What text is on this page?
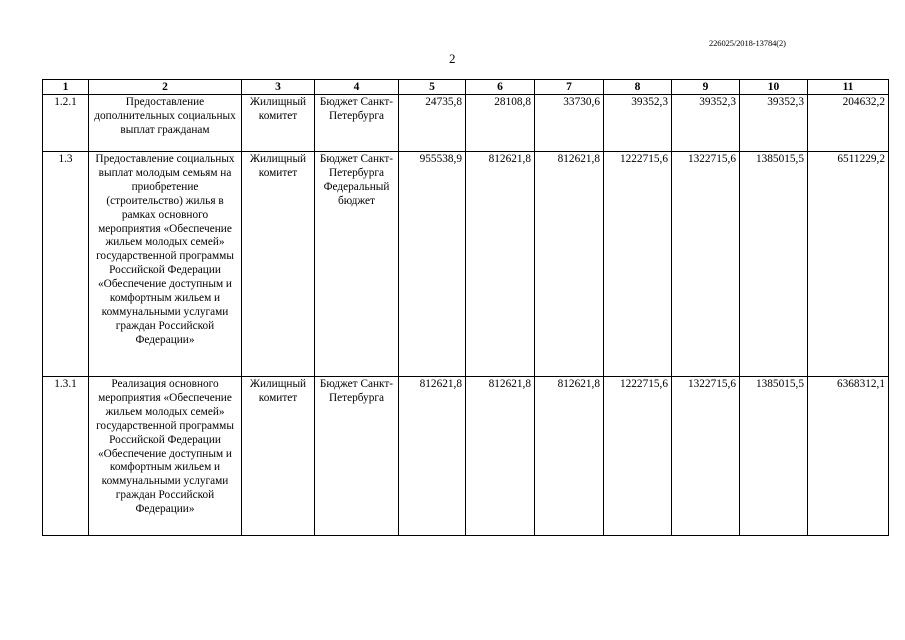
226025/2018-13784(2)
2
1	2	3	4	5	6	7	8	9	10	11
1.2.1	Предоставление дополнительных социальных выплат гражданам	Жилищный комитет	Бюджет Санкт-Петербурга	24735,8	28108,8	33730,6	39352,3	39352,3	39352,3	204632,2
1.3	Предоставление социальных выплат молодым семьям на приобретение (строительство) жилья в рамках основного мероприятия «Обеспечение жильем молодых семей» государственной программы Российской Федерации «Обеспечение доступным и комфортным жильем и коммунальными услугами граждан Российской Федерации»	Жилищный комитет	Бюджет Санкт-Петербурга Федеральный бюджет	955538,9	812621,8	812621,8	1222715,6	1322715,6	1385015,5	6511229,2
1.3.1	Реализация основного мероприятия «Обеспечение жильем молодых семей» государственной программы Российской Федерации «Обеспечение доступным и комфортным жильем и коммунальными услугами граждан Российской Федерации»	Жилищный комитет	Бюджет Санкт-Петербурга	812621,8	812621,8	812621,8	1222715,6	1322715,6	1385015,5	6368312,1
